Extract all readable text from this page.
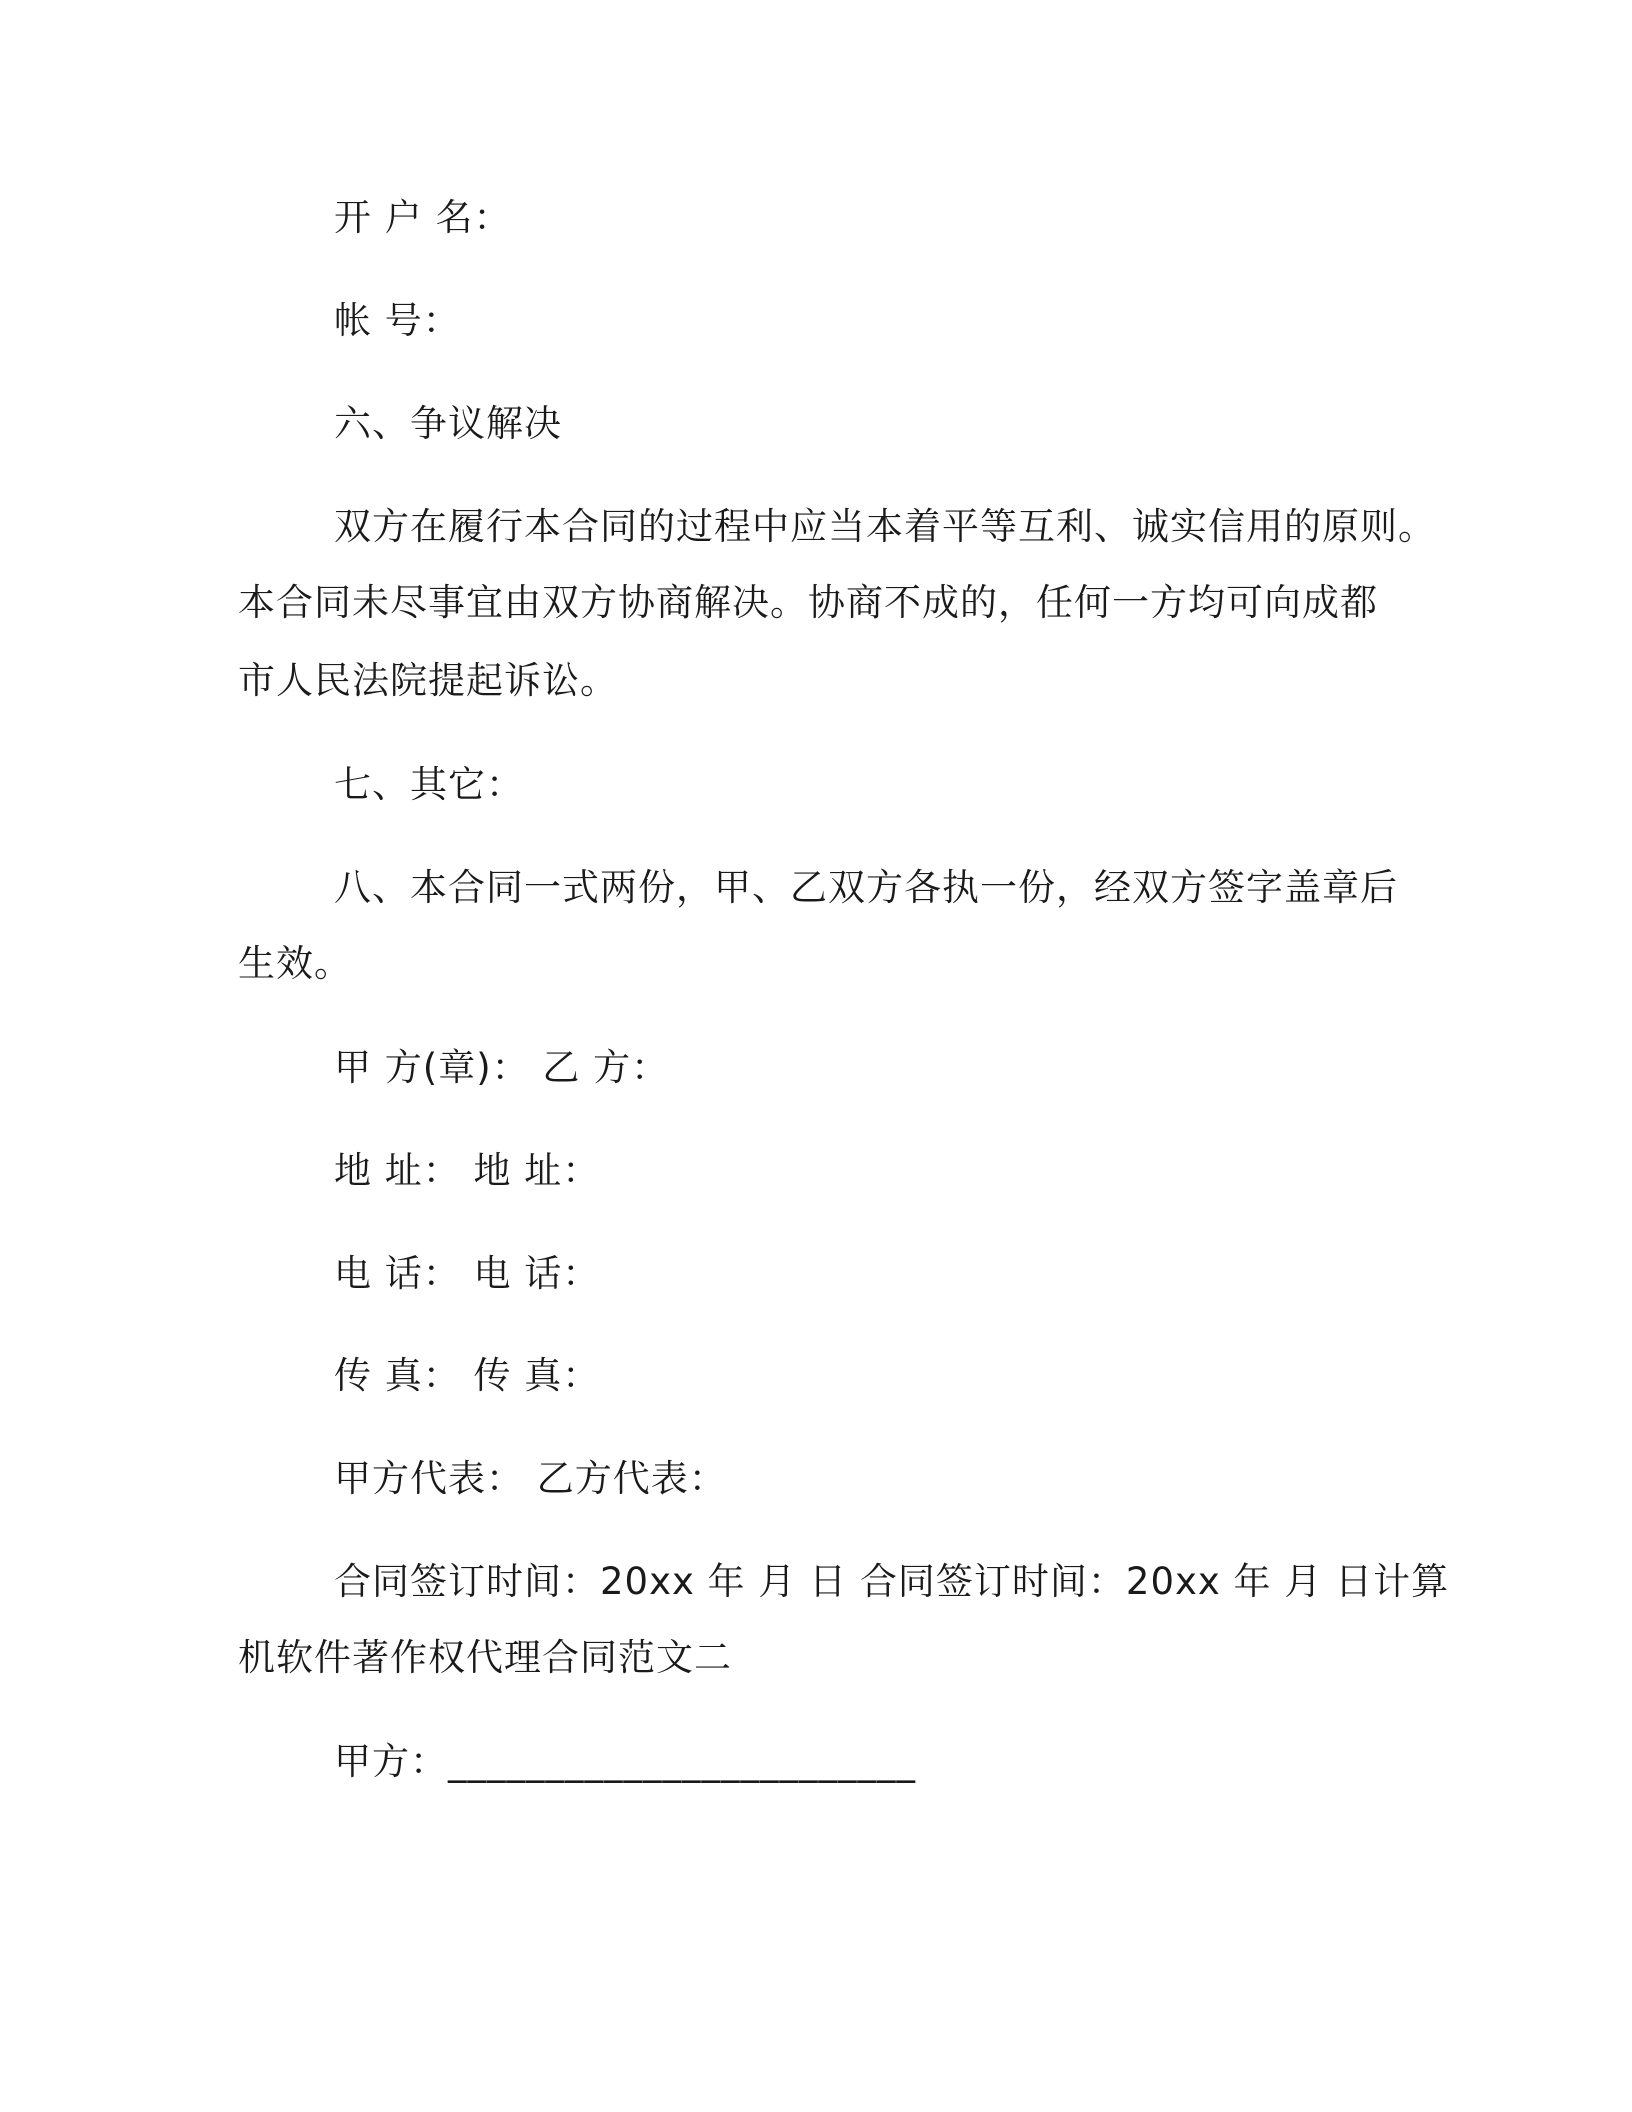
开 户 名：
帐 号：
六、争议解决
双方在履行本合同的过程中应当本着平等互利、诚实信用的原则。
本合同未尽事宜由双方协商解决。协商不成的，任何一方均可向成都
市人民法院提起诉讼。
七、其它：
八、本合同一式两份，甲、乙双方各执一份，经双方签字盖章后
生效。
甲 方(章)： 乙 方：
地 址： 地 址：
电 话： 电 话：
传 真： 传 真：
甲方代表： 乙方代表：
合同签订时间：20xx 年 月 日 合同签订时间：20xx 年 月 日计算
机软件著作权代理合同范文二
甲方：________________________
